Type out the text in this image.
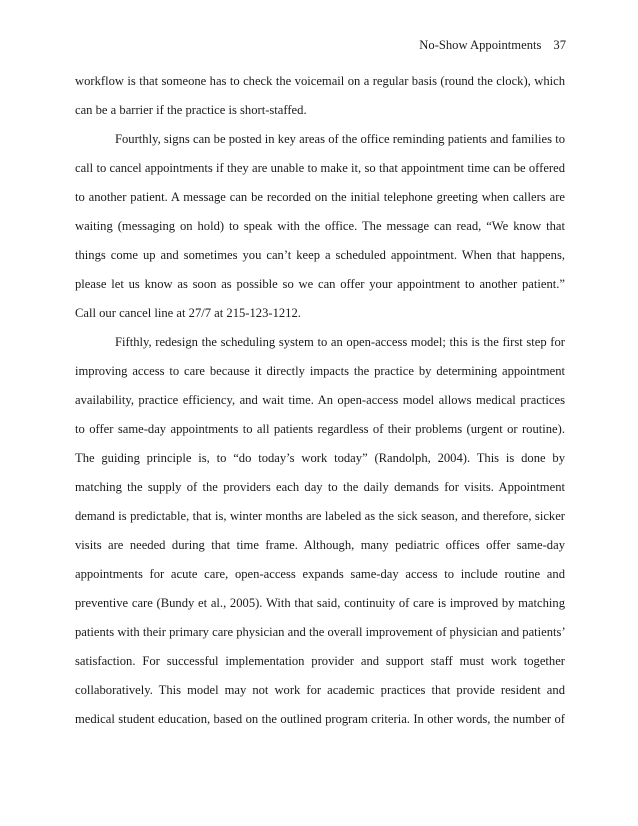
No-Show Appointments 37
workflow is that someone has to check the voicemail on a regular basis (round the clock), which
can be a barrier if the practice is short-staffed.
Fourthly, signs can be posted in key areas of the office reminding patients and families to
call to cancel appointments if they are unable to make it, so that appointment time can be offered
to another patient. A message can be recorded on the initial telephone greeting when callers are
waiting (messaging on hold) to speak with the office. The message can read, “We know that
things come up and sometimes you can’t keep a scheduled appointment. When that happens,
please let us know as soon as possible so we can offer your appointment to another patient.”
Call our cancel line at 27/7 at 215-123-1212.
Fifthly, redesign the scheduling system to an open-access model; this is the first step for
improving access to care because it directly impacts the practice by determining appointment
availability, practice efficiency, and wait time. An open-access model allows medical practices
to offer same-day appointments to all patients regardless of their problems (urgent or routine).
The guiding principle is, to “do today’s work today” (Randolph, 2004). This is done by
matching the supply of the providers each day to the daily demands for visits. Appointment
demand is predictable, that is, winter months are labeled as the sick season, and therefore, sicker
visits are needed during that time frame. Although, many pediatric offices offer same-day
appointments for acute care, open-access expands same-day access to include routine and
preventive care (Bundy et al., 2005). With that said, continuity of care is improved by matching
patients with their primary care physician and the overall improvement of physician and patients’
satisfaction. For successful implementation provider and support staff must work together
collaboratively. This model may not work for academic practices that provide resident and
medical student education, based on the outlined program criteria. In other words, the number of
